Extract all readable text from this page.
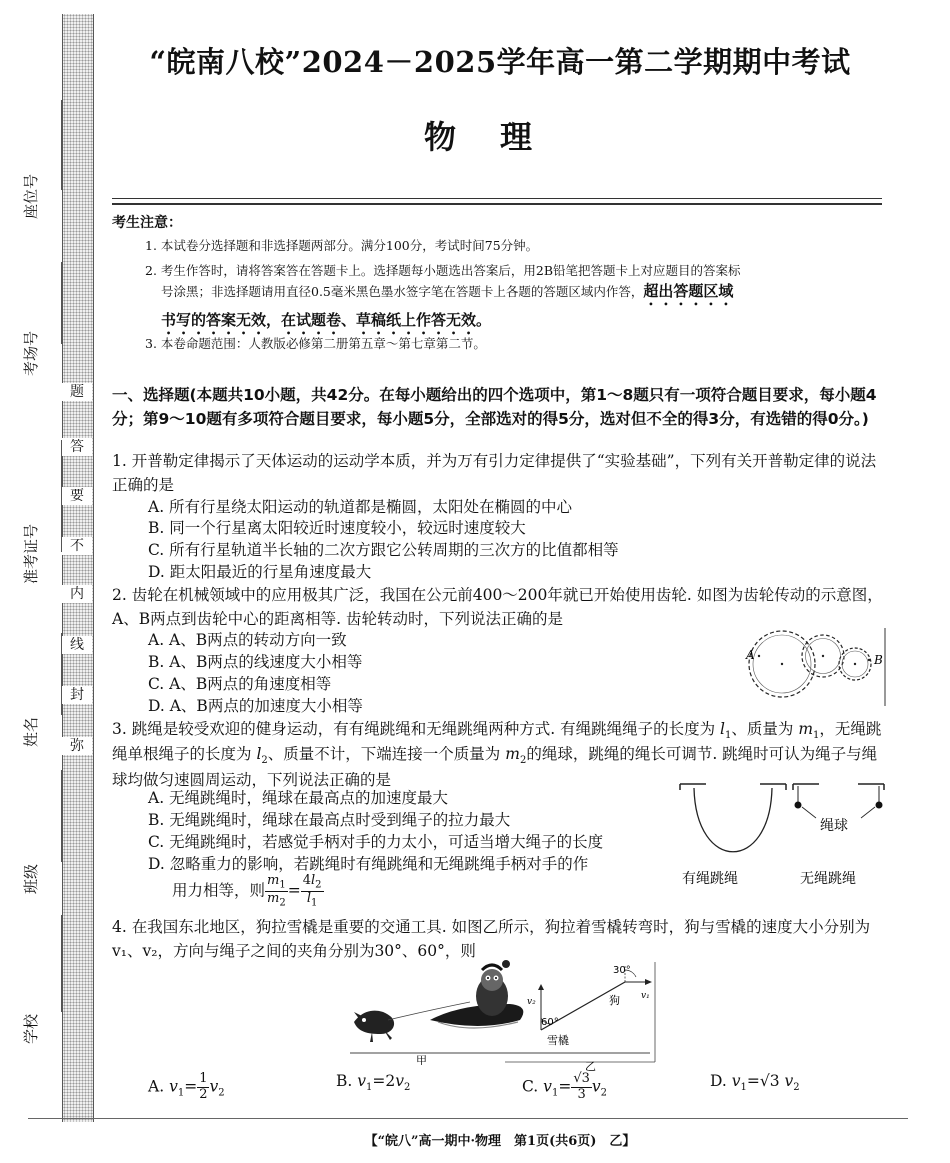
题
答
要
不
内
线
封
弥
座位号
考场号
准考证号
姓名
班级
学校
“皖南八校”2024－2025学年高一第二学期期中考试
物理
考生注意：
1. 本试卷分选择题和非选择题两部分。满分100分，考试时间75分钟。
2. 考生作答时，请将答案答在答题卡上。选择题每小题选出答案后，用2B铅笔把答题卡上对应题目的答案标
号涂黑；非选择题请用直径0.5毫米黑色墨水签字笔在答题卡上各题的答题区域内作答，超出答题区域
书写的答案无效，在试题卷、草稿纸上作答无效。
3. 本卷命题范围：人教版必修第二册第五章～第七章第二节。
一、选择题(本题共10小题，共42分。在每小题给出的四个选项中，第1～8题只有一项符合题目要求，每小题4分；第9～10题有多项符合题目要求，每小题5分，全部选对的得5分，选对但不全的得3分，有选错的得0分。)
1. 开普勒定律揭示了天体运动的运动学本质，并为万有引力定律提供了“实验基础”，下列有关开普勒定律的说法正确的是
A. 所有行星绕太阳运动的轨道都是椭圆，太阳处在椭圆的中心
B. 同一个行星离太阳较近时速度较小，较远时速度较大
C. 所有行星轨道半长轴的二次方跟它公转周期的三次方的比值都相等
D. 距太阳最近的行星角速度最大
2. 齿轮在机械领域中的应用极其广泛，我国在公元前400～200年就已开始使用齿轮. 如图为齿轮传动的示意图，A、B两点到齿轮中心的距离相等. 齿轮转动时，下列说法正确的是
A. A、B两点的转动方向一致
B. A、B两点的线速度大小相等
C. A、B两点的角速度相等
D. A、B两点的加速度大小相等
A	B
3. 跳绳是较受欢迎的健身运动，有有绳跳绳和无绳跳绳两种方式. 有绳跳绳绳子的长度为 $l_1$、质量为 $m_1$，无绳跳绳单根绳子的长度为 $l_2$、质量不计，下端连接一个质量为 $m_2$的绳球，跳绳的绳长可调节. 跳绳时可认为绳子与绳球均做匀速圆周运动，下列说法正确的是
A. 无绳跳绳时，绳球在最高点的加速度最大
B. 无绳跳绳时，绳球在最高点时受到绳子的拉力最大
C. 无绳跳绳时，若感觉手柄对手的力太小，可适当增大绳子的长度
D. 忽略重力的影响，若跳绳时有绳跳绳和无绳跳绳手柄对手的作
用力相等，则 $\frac{m_1}{m_2} = \frac{4l_2}{l_1}$
绳球
有绳跳绳	无绳跳绳
4. 在我国东北地区，狗拉雪橇是重要的交通工具. 如图乙所示，狗拉着雪橇转弯时，狗与雪橇的速度大小分别为v₁、v₂，方向与绳子之间的夹角分别为30°、60°，则
甲
v₂
v₁
60°
30°
狗
雪橇
乙
A. $v_1= \frac{1}{2} v_2$
B. $v_1=2v_2$	C. $v_1= \frac{√3}{3} v_2$
D. $v_1=√3$ $v_2$
【“皖八”高一期中·物理　第1页(共6页)　乙】
